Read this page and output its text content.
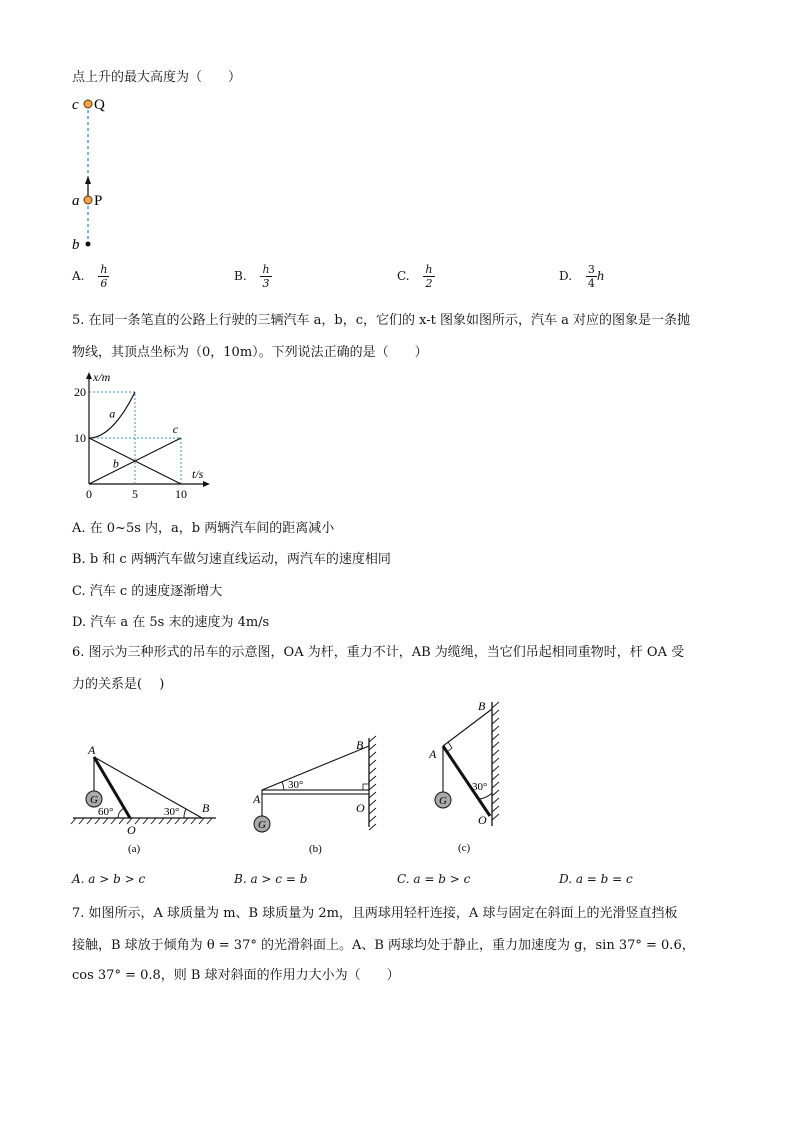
点上升的最大高度为（　　）
c Q
a P
b
A. $\frac{h}{6}$	B. $\frac{h}{3}$	C. $\frac{h}{2}$	D. $\frac{3}{4}$ h
5. 在同一条笔直的公路上行驶的三辆汽车 a，b，c，它们的 x-t 图象如图所示，汽车 a 对应的图象是一条抛
物线，其顶点坐标为（0，10m）。下列说法正确的是（　　）
x/m
t/s
0	5	10
10
20
a
b
c
A. 在 0~5s 内，a，b 两辆汽车间的距离减小
B. b 和 c 两辆汽车做匀速直线运动，两汽车的速度相同
C. 汽车 c 的速度逐渐增大
D. 汽车 a 在 5s 末的速度为 4m/s
6. 图示为三种形式的吊车的示意图，OA 为杆，重力不计，AB 为缆绳，当它们吊起相同重物时，杆 OA 受
力的关系是(　 )
G
A
60°	30° B
O
(a)
G
A
B
30°
O
(b)
G
B
A
30°
O
(c)
A. a > b > c	B. a > c = b	C. a = b > c	D. a = b = c
7. 如图所示，A 球质量为 m、B 球质量为 2m，且两球用轻杆连接，A 球与固定在斜面上的光滑竖直挡板
接触，B 球放于倾角为 θ = 37° 的光滑斜面上。A、B 两球均处于静止，重力加速度为 g，sin 37° = 0.6，
cos 37° = 0.8，则 B 球对斜面的作用力大小为（　　）
